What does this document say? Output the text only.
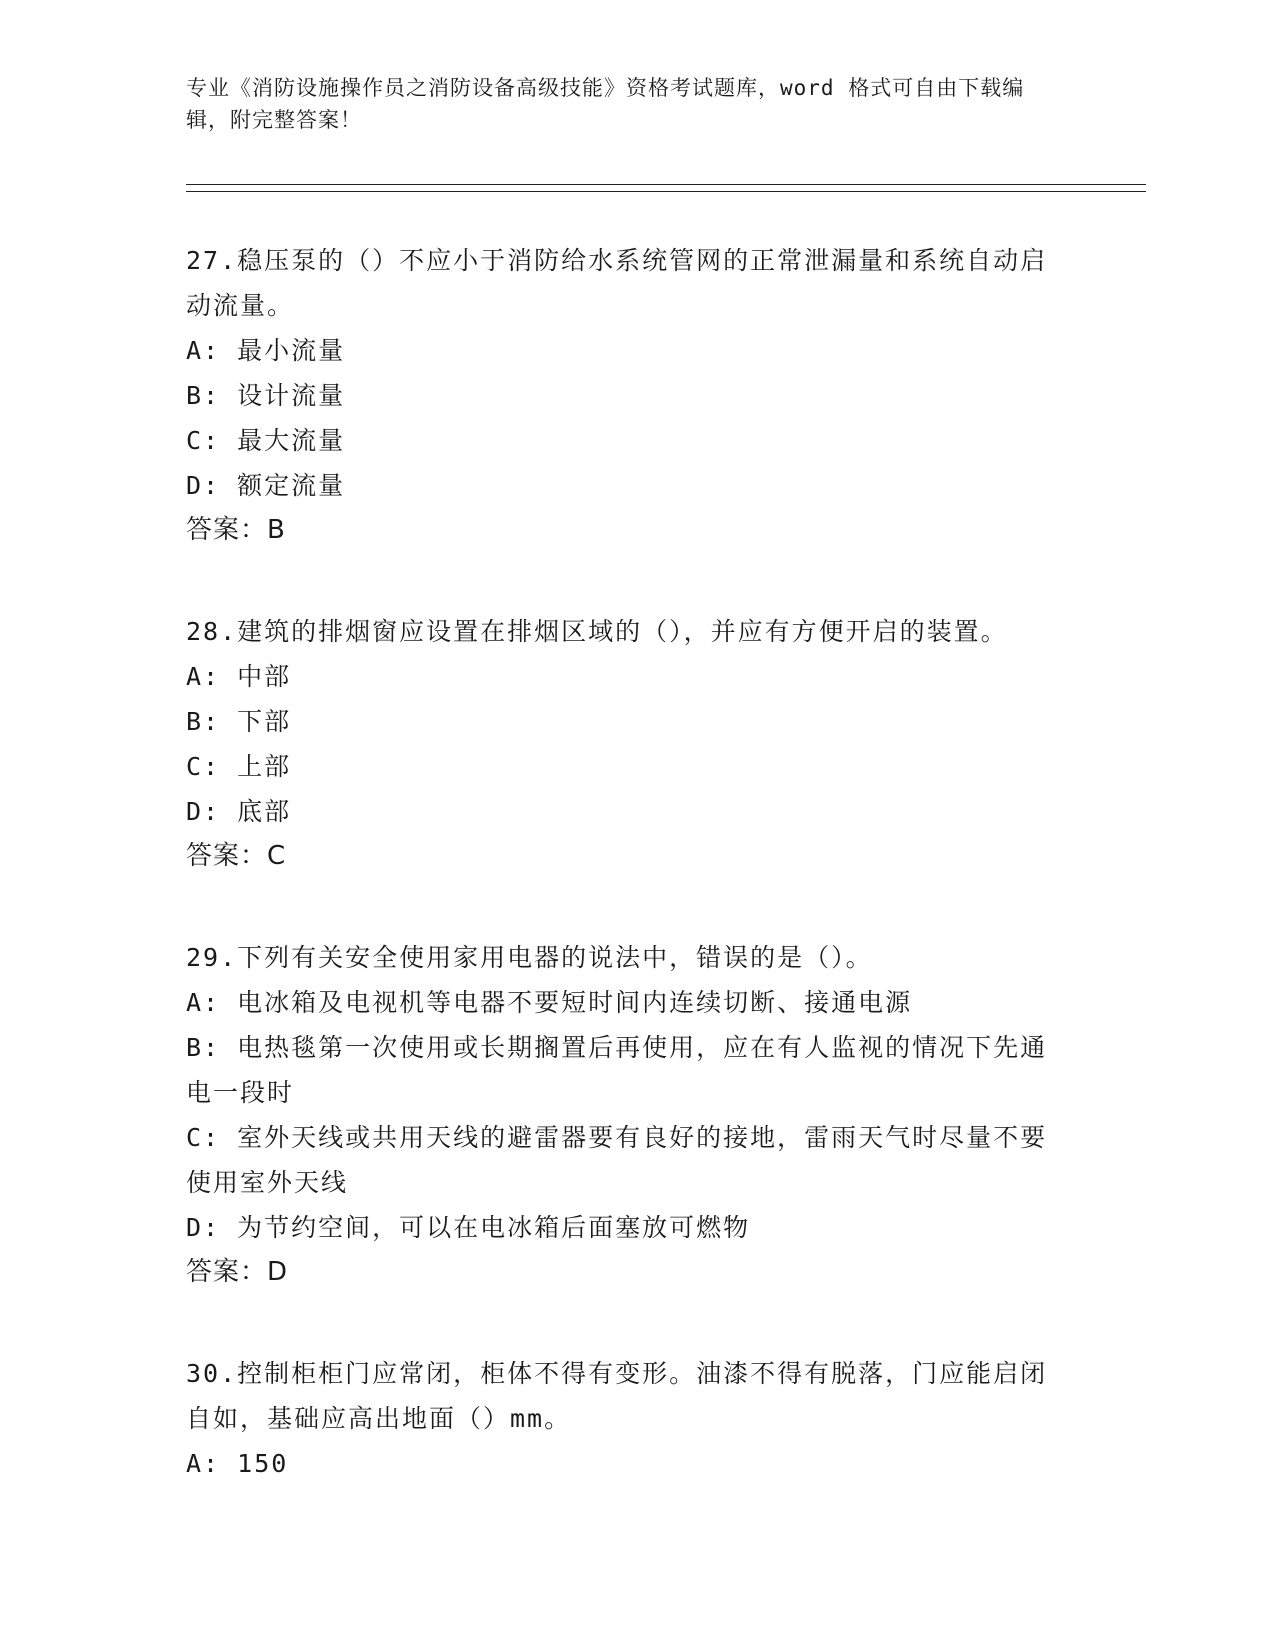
专业《消防设施操作员之消防设备高级技能》资格考试题库，word 格式可自由下载编辑，附完整答案！

27.稳压泵的（）不应小于消防给水系统管网的正常泄漏量和系统自动启动流量。

A: 最小流量

B: 设计流量

C: 最大流量

D: 额定流量

答案：B

28.建筑的排烟窗应设置在排烟区域的（），并应有方便开启的装置。

A: 中部

B: 下部

C: 上部

D: 底部

答案：C

29.下列有关安全使用家用电器的说法中，错误的是（）。

A: 电冰箱及电视机等电器不要短时间内连续切断、接通电源

B: 电热毯第一次使用或长期搁置后再使用，应在有人监视的情况下先通电一段时

C: 室外天线或共用天线的避雷器要有良好的接地，雷雨天气时尽量不要使用室外天线

D: 为节约空间，可以在电冰箱后面塞放可燃物

答案：D

30.控制柜柜门应常闭，柜体不得有变形。油漆不得有脱落，门应能启闭自如，基础应高出地面（）mm。

A: 150
